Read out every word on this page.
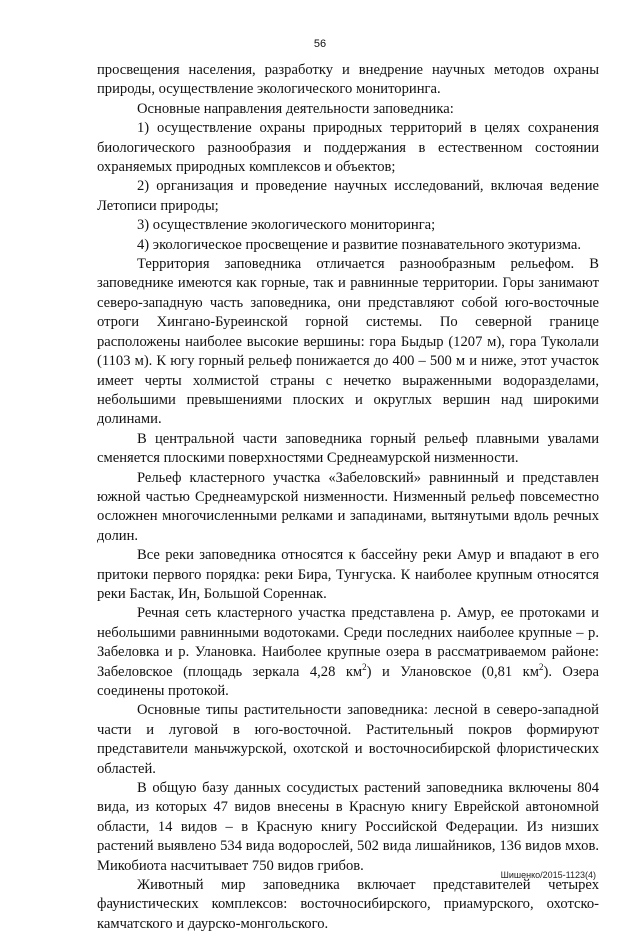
56

просвещения населения, разработку и внедрение научных методов охраны природы, осуществление экологического мониторинга.

Основные направления деятельности заповедника:

1) осуществление охраны природных территорий в целях сохранения биологического разнообразия и поддержания в естественном состоянии охраняемых природных комплексов и объектов;

2) организация и проведение научных исследований, включая ведение Летописи природы;

3) осуществление экологического мониторинга;

4) экологическое просвещение и развитие познавательного экотуризма.

Территория заповедника отличается разнообразным рельефом. В заповеднике имеются как горные, так и равнинные территории. Горы занимают северо-западную часть заповедника, они представляют собой юго-восточные отроги Хингано-Буреинской горной системы. По северной границе расположены наиболее высокие вершины: гора Быдыр (1207 м), гора Туколали (1103 м). К югу горный рельеф понижается до 400 – 500 м и ниже, этот участок имеет черты холмистой страны с нечетко выраженными водоразделами, небольшими превышениями плоских и округлых вершин над широкими долинами.

В центральной части заповедника горный рельеф плавными увалами сменяется плоскими поверхностями Среднеамурской низменности.

Рельеф кластерного участка «Забеловский» равнинный и представлен южной частью Среднеамурской низменности. Низменный рельеф повсеместно осложнен многочисленными релками и западинами, вытянутыми вдоль речных долин.

Все реки заповедника относятся к бассейну реки Амур и впадают в его притоки первого порядка: реки Бира, Тунгуска. К наиболее крупным относятся реки Бастак, Ин, Большой Сореннак.

Речная сеть кластерного участка представлена р. Амур, ее протоками и небольшими равнинными водотоками. Среди последних наиболее крупные – р. Забеловка и р. Улановка. Наиболее крупные озера в рассматриваемом районе: Забеловское (площадь зеркала 4,28 $км^2$) и Улановское (0,81 $км^2$). Озера соединены протокой.

Основные типы растительности заповедника: лесной в северо-западной части и луговой в юго-восточной. Растительный покров формируют представители маньчжурской, охотской и восточносибирской флористических областей.

В общую базу данных сосудистых растений заповедника включены 804 вида, из которых 47 видов внесены в Красную книгу Еврейской автономной области, 14 видов – в Красную книгу Российской Федерации. Из низших растений выявлено 534 вида водорослей, 502 вида лишайников, 136 видов мхов. Микобиота насчитывает 750 видов грибов.

Животный мир заповедника включает представителей четырех фаунистических комплексов: восточносибирского, приамурского, охотско-камчатского и даурско-монгольского.

Шишенко/2015-1123(4)
